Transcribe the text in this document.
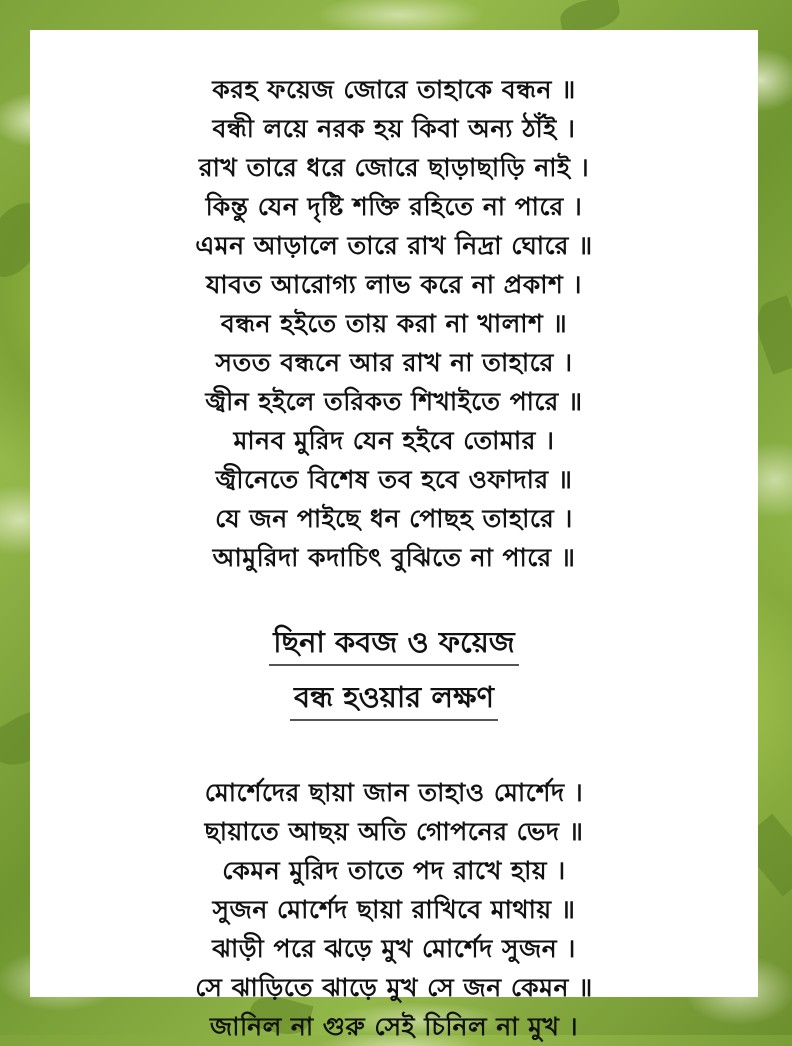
করহ ফয়েজ জোরে তাহাকে বন্ধন ॥
বন্ধী লয়ে নরক হয় কিবা অন্য ঠাঁই ।
রাখ তারে ধরে জোরে ছাড়াছাড়ি নাই ।
কিন্তু যেন দৃষ্টি শক্তি রহিতে না পারে ।
এমন আড়ালে তারে রাখ নিদ্রা ঘোরে ॥
যাবত আরোগ্য লাভ করে না প্রকাশ ।
বন্ধন হইতে তায় করা না খালাশ ॥
সতত বন্ধনে আর রাখ না তাহারে ।
জ্বীন হইলে তরিকত শিখাইতে পারে ॥
মানব মুরিদ যেন হইবে তোমার ।
জ্বীনেতে বিশেষ তব হবে ওফাদার ॥
যে জন পাইছে ধন পোছহ তাহারে ।
আমুরিদা কদাচিৎ বুঝিতে না পারে ॥
ছিনা কবজ ও ফয়েজ
বন্ধ হওয়ার লক্ষণ
মোর্শেদের ছায়া জান তাহাও মোর্শেদ ।
ছায়াতে আছয় অতি গোপনের ভেদ ॥
কেমন মুরিদ তাতে পদ রাখে হায় ।
সুজন মোর্শেদ ছায়া রাখিবে মাথায় ॥
ঝাড়ী পরে ঝড়ে মুখ মোর্শেদ সুজন ।
সে ঝাড়িতে ঝাড়ে মুখ সে জন কেমন ॥
জানিল না গুরু সেই চিনিল না মুখ ।
